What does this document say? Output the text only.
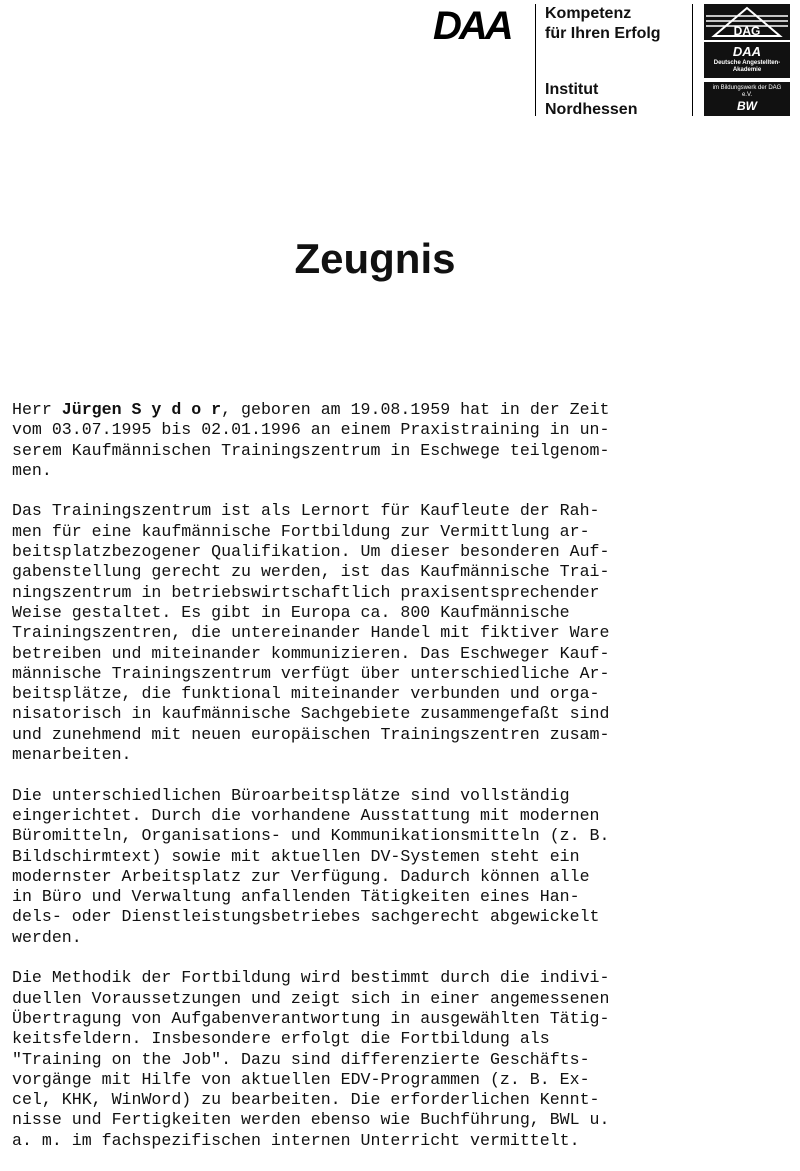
DAA Kompetenz
für Ihren Erfolg
Institut
Nordhessen
DAG
DAA
Deutsche Angestellten-Akademie
im Bildungswerk der DAG e.V.
BW
Zeugnis
Herr Jürgen S y d o r, geboren am 19.08.1959 hat in der Zeit
vom 03.07.1995 bis 02.01.1996 an einem Praxistraining in un-
serem Kaufmännischen Trainingszentrum in Eschwege teilgenom-
men.
Das Trainingszentrum ist als Lernort für Kaufleute der Rah-
men für eine kaufmännische Fortbildung zur Vermittlung ar-
beitsplatzbezogener Qualifikation. Um dieser besonderen Auf-
gabenstellung gerecht zu werden, ist das Kaufmännische Trai-
ningszentrum in betriebswirtschaftlich praxisentsprechender
Weise gestaltet. Es gibt in Europa ca. 800 Kaufmännische
Trainingszentren, die untereinander Handel mit fiktiver Ware
betreiben und miteinander kommunizieren. Das Eschweger Kauf-
männische Trainingszentrum verfügt über unterschiedliche Ar-
beitsplätze, die funktional miteinander verbunden und orga-
nisatorisch in kaufmännische Sachgebiete zusammengefaßt sind
und zunehmend mit neuen europäischen Trainingszentren zusam-
menarbeiten.
Die unterschiedlichen Büroarbeitsplätze sind vollständig
eingerichtet. Durch die vorhandene Ausstattung mit modernen
Büromitteln, Organisations- und Kommunikationsmitteln (z. B.
Bildschirmtext) sowie mit aktuellen DV-Systemen steht ein
modernster Arbeitsplatz zur Verfügung. Dadurch können alle
in Büro und Verwaltung anfallenden Tätigkeiten eines Han-
dels- oder Dienstleistungsbetriebes sachgerecht abgewickelt
werden.
Die Methodik der Fortbildung wird bestimmt durch die indivi-
duellen Voraussetzungen und zeigt sich in einer angemessenen
Übertragung von Aufgabenverantwortung in ausgewählten Tätig-
keitsfeldern. Insbesondere erfolgt die Fortbildung als
"Training on the Job". Dazu sind differenzierte Geschäfts-
vorgänge mit Hilfe von aktuellen EDV-Programmen (z. B. Ex-
cel, KHK, WinWord) zu bearbeiten. Die erforderlichen Kennt-
nisse und Fertigkeiten werden ebenso wie Buchführung, BWL u.
a. m. im fachspezifischen internen Unterricht vermittelt.
